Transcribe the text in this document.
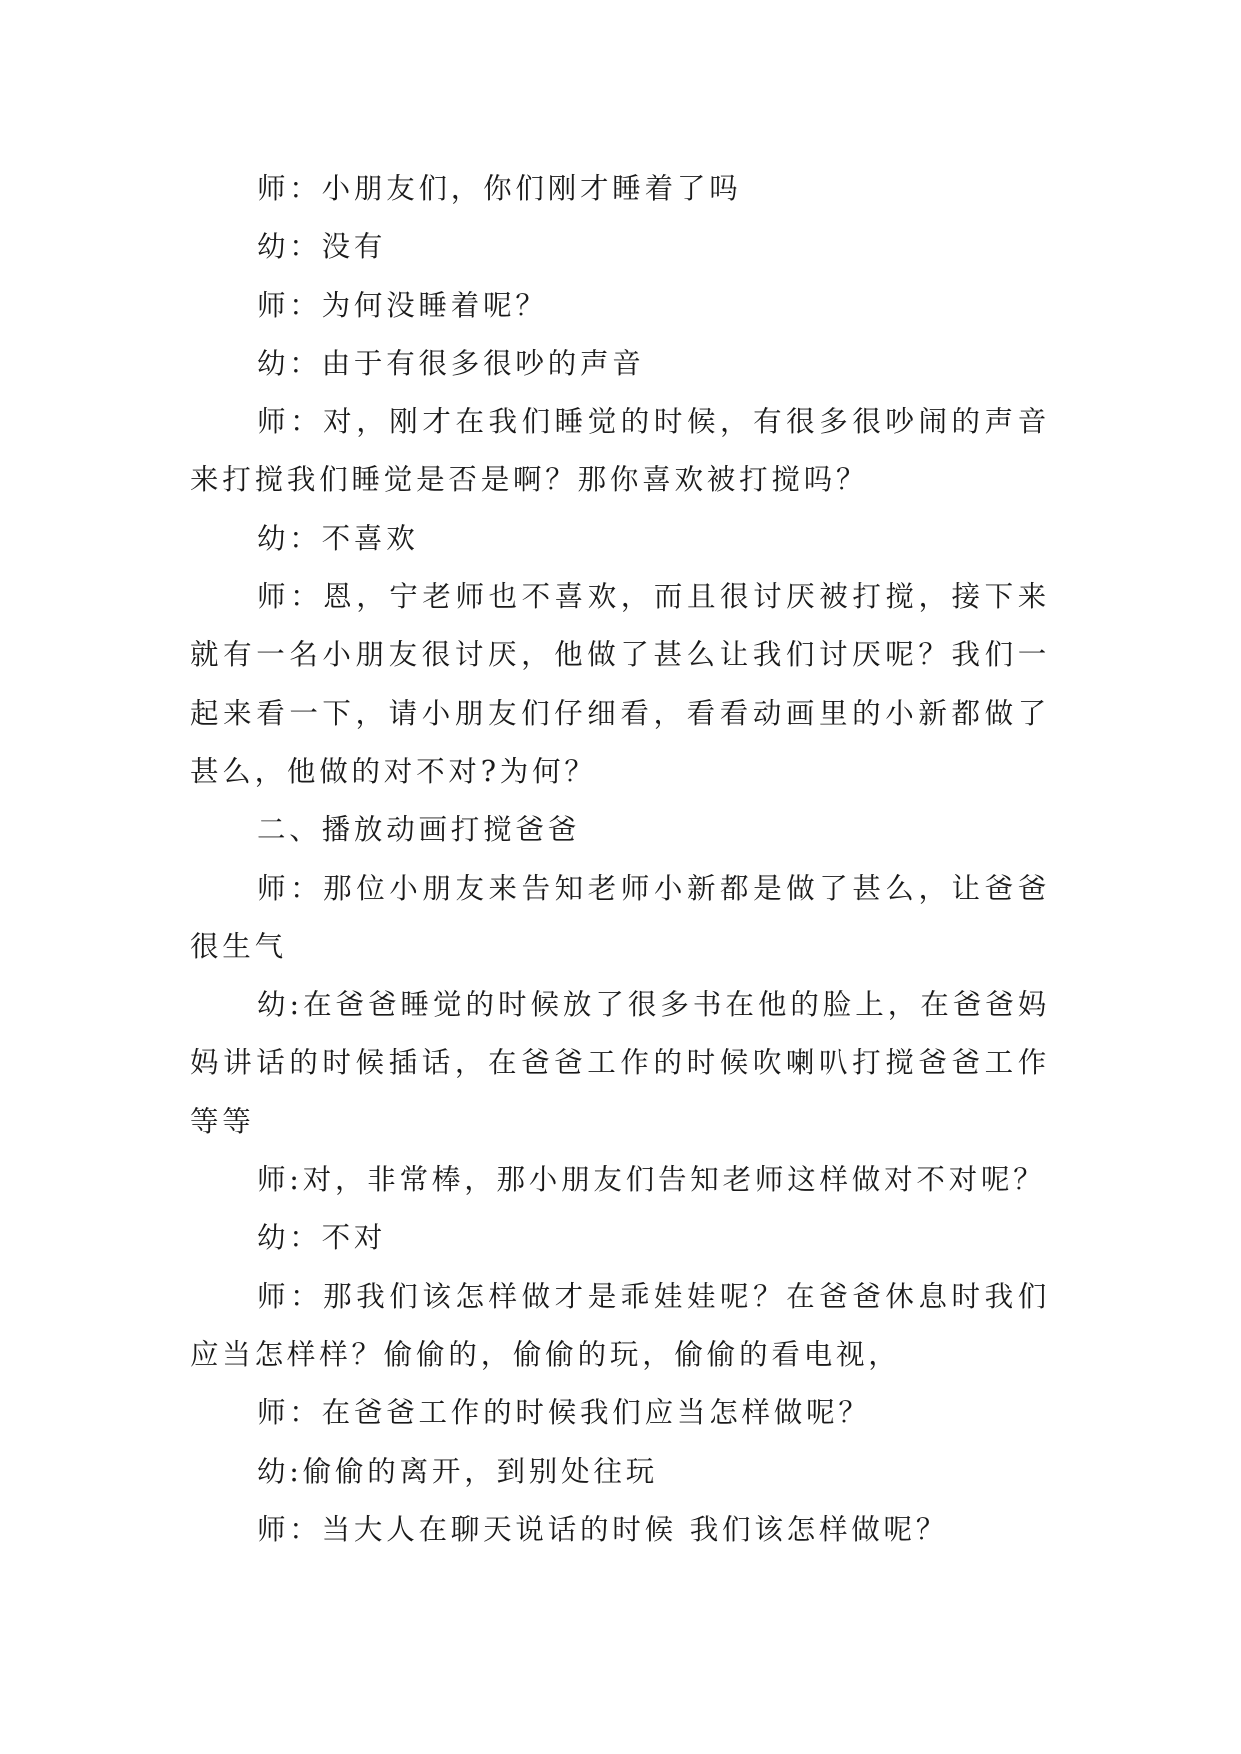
师：小朋友们，你们刚才睡着了吗

幼：没有

师：为何没睡着呢？

幼：由于有很多很吵的声音

师：对，刚才在我们睡觉的时候，有很多很吵闹的声音来打搅我们睡觉是否是啊？那你喜欢被打搅吗？

幼：不喜欢

师：恩，宁老师也不喜欢，而且很讨厌被打搅，接下来就有一名小朋友很讨厌，他做了甚么让我们讨厌呢？我们一起来看一下，请小朋友们仔细看，看看动画里的小新都做了甚么，他做的对不对?为何？

二、播放动画打搅爸爸

师：那位小朋友来告知老师小新都是做了甚么，让爸爸很生气

幼:在爸爸睡觉的时候放了很多书在他的脸上，在爸爸妈妈讲话的时候插话，在爸爸工作的时候吹喇叭打搅爸爸工作等等

师:对，非常棒，那小朋友们告知老师这样做对不对呢？

幼：不对

师：那我们该怎样做才是乖娃娃呢？在爸爸休息时我们应当怎样样？偷偷的，偷偷的玩，偷偷的看电视，

师：在爸爸工作的时候我们应当怎样做呢？

幼:偷偷的离开，到别处往玩

师：当大人在聊天说话的时候 我们该怎样做呢？
